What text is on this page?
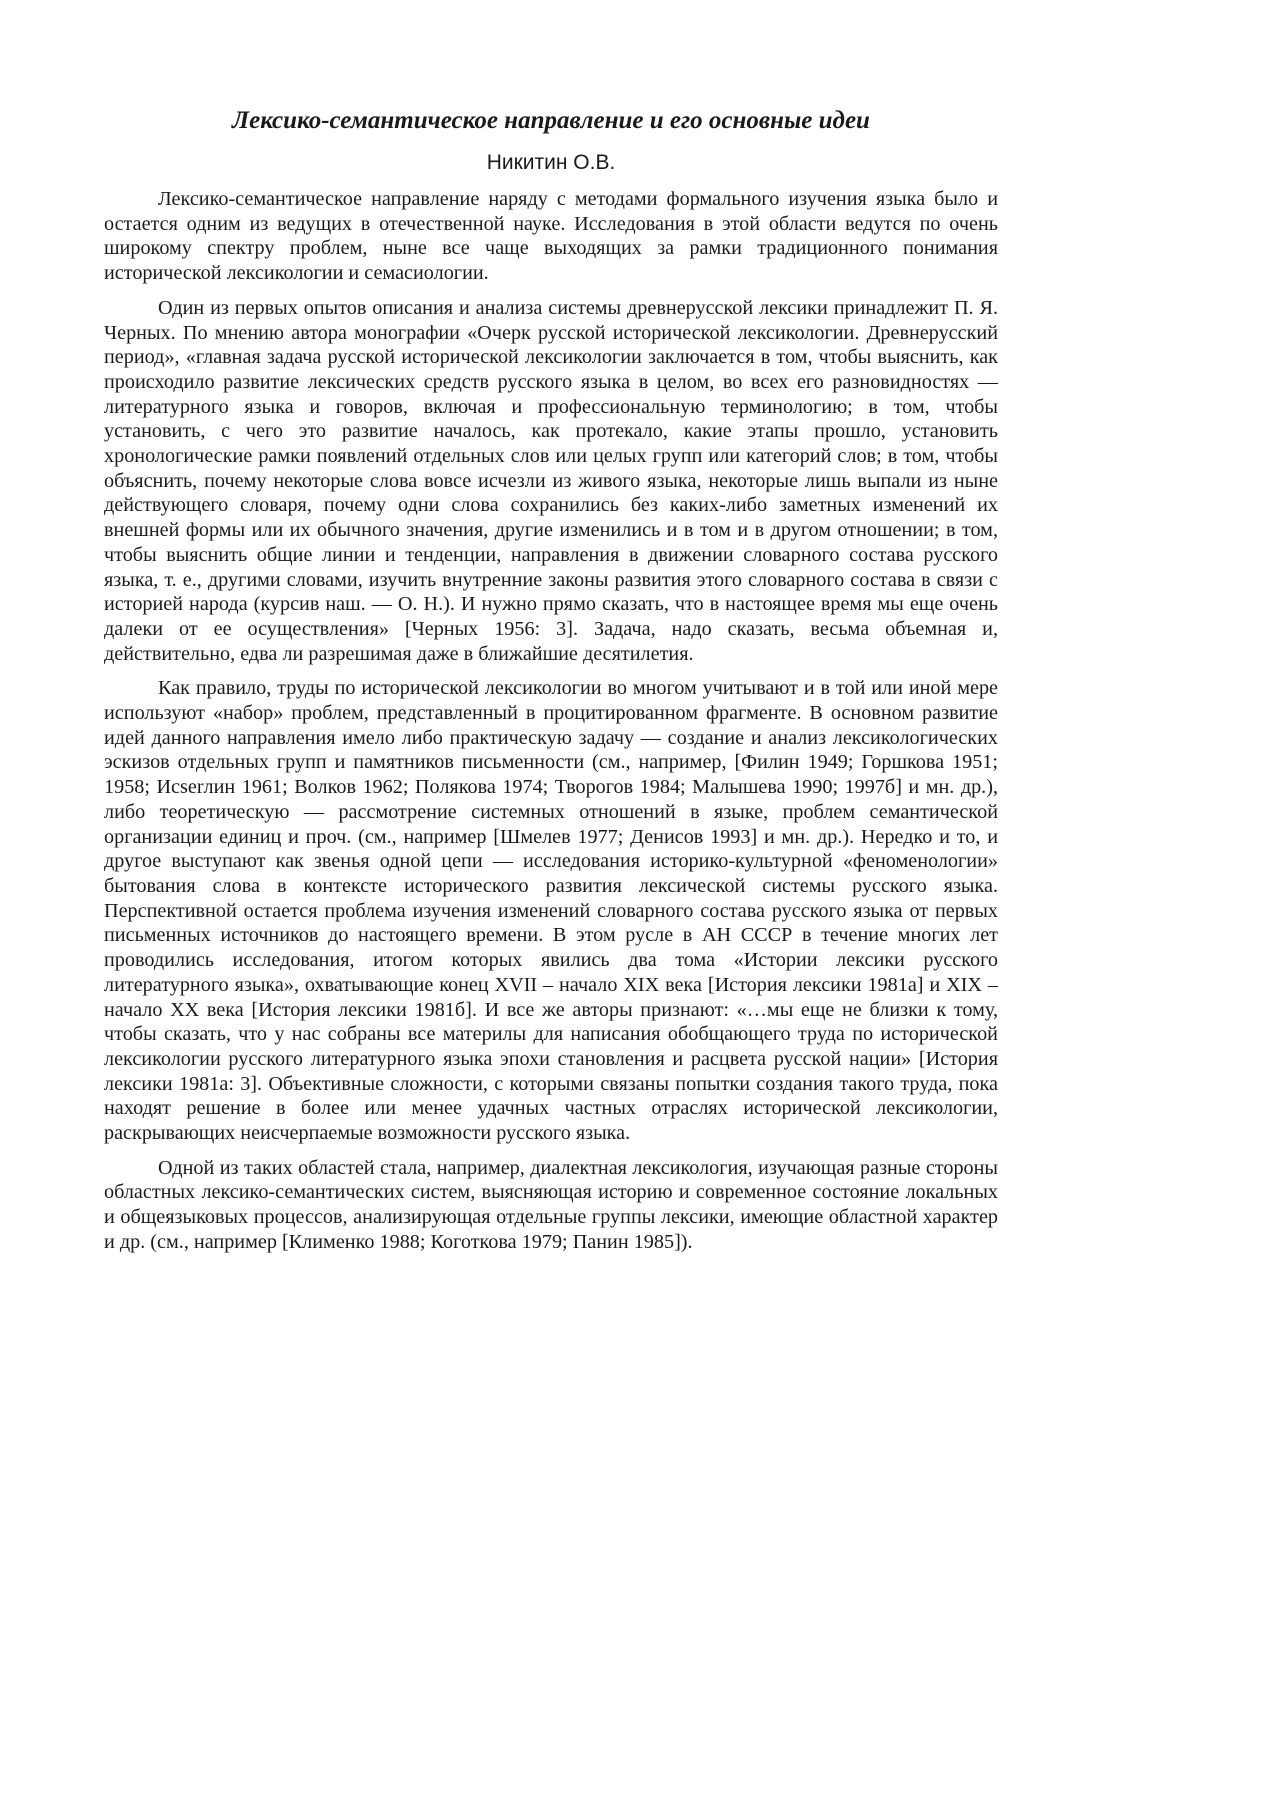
Лексико-семантическое направление и его основные идеи

Никитин О.В.

Лексико-семантическое направление наряду с методами формального изучения языка было и остается одним из ведущих в отечественной науке. Исследования в этой области ведутся по очень широкому спектру проблем, ныне все чаще выходящих за рамки традиционного понимания исторической лексикологии и семасиологии.

Один из первых опытов описания и анализа системы древнерусской лексики принадлежит П. Я. Черных. По мнению автора монографии «Очерк русской исторической лексикологии. Древнерусский период», «главная задача русской исторической лексикологии заключается в том, чтобы выяснить, как происходило развитие лексических средств русского языка в целом, во всех его разновидностях — литературного языка и говоров, включая и профессиональную терминологию; в том, чтобы установить, с чего это развитие началось, как протекало, какие этапы прошло, установить хронологические рамки появлений отдельных слов или целых групп или категорий слов; в том, чтобы объяснить, почему некоторые слова вовсе исчезли из живого языка, некоторые лишь выпали из ныне действующего словаря, почему одни слова сохранились без каких-либо заметных изменений их внешней формы или их обычного значения, другие изменились и в том и в другом отношении; в том, чтобы выяснить общие линии и тенденции, направления в движении словарного состава русского языка, т. е., другими словами, изучить внутренние законы развития этого словарного состава в связи с историей народа (курсив наш. — О. Н.). И нужно прямо сказать, что в настоящее время мы еще очень далеки от ее осуществления» [Черных 1956: 3]. Задача, надо сказать, весьма объемная и, действительно, едва ли разрешимая даже в ближайшие десятилетия.

Как правило, труды по исторической лексикологии во многом учитывают и в той или иной мере используют «набор» проблем, представленный в процитированном фрагменте. В основном развитие идей данного направления имело либо практическую задачу — создание и анализ лексикологических эскизов отдельных групп и памятников письменности (см., например, [Филин 1949; Горшкова 1951; 1958; Исserлин 1961; Волков 1962; Полякова 1974; Творогов 1984; Малышева 1990; 1997б] и мн. др.), либо теоретическую — рассмотрение системных отношений в языке, проблем семантической организации единиц и проч. (см., например [Шмелев 1977; Денисов 1993] и мн. др.). Нередко и то, и другое выступают как звенья одной цепи — исследования историко-культурной «феноменологии» бытования слова в контексте исторического развития лексической системы русского языка. Перспективной остается проблема изучения изменений словарного состава русского языка от первых письменных источников до настоящего времени. В этом русле в АН СССР в течение многих лет проводились исследования, итогом которых явились два тома «Истории лексики русского литературного языка», охватывающие конец XVII – начало XIX века [История лексики 1981а] и XIX – начало XX века [История лексики 1981б]. И все же авторы признают: «…мы еще не близки к тому, чтобы сказать, что у нас собраны все материлы для написания обобщающего труда по исторической лексикологии русского литературного языка эпохи становления и расцвета русской нации» [История лексики 1981а: 3]. Объективные сложности, с которыми связаны попытки создания такого труда, пока находят решение в более или менее удачных частных отраслях исторической лексикологии, раскрывающих неисчерпаемые возможности русского языка.

Одной из таких областей стала, например, диалектная лексикология, изучающая разные стороны областных лексико-семантических систем, выясняющая историю и современное состояние локальных и общеязыковых процессов, анализирующая отдельные группы лексики, имеющие областной характер и др. (см., например [Клименко 1988; Коготкова 1979; Панин 1985]).
